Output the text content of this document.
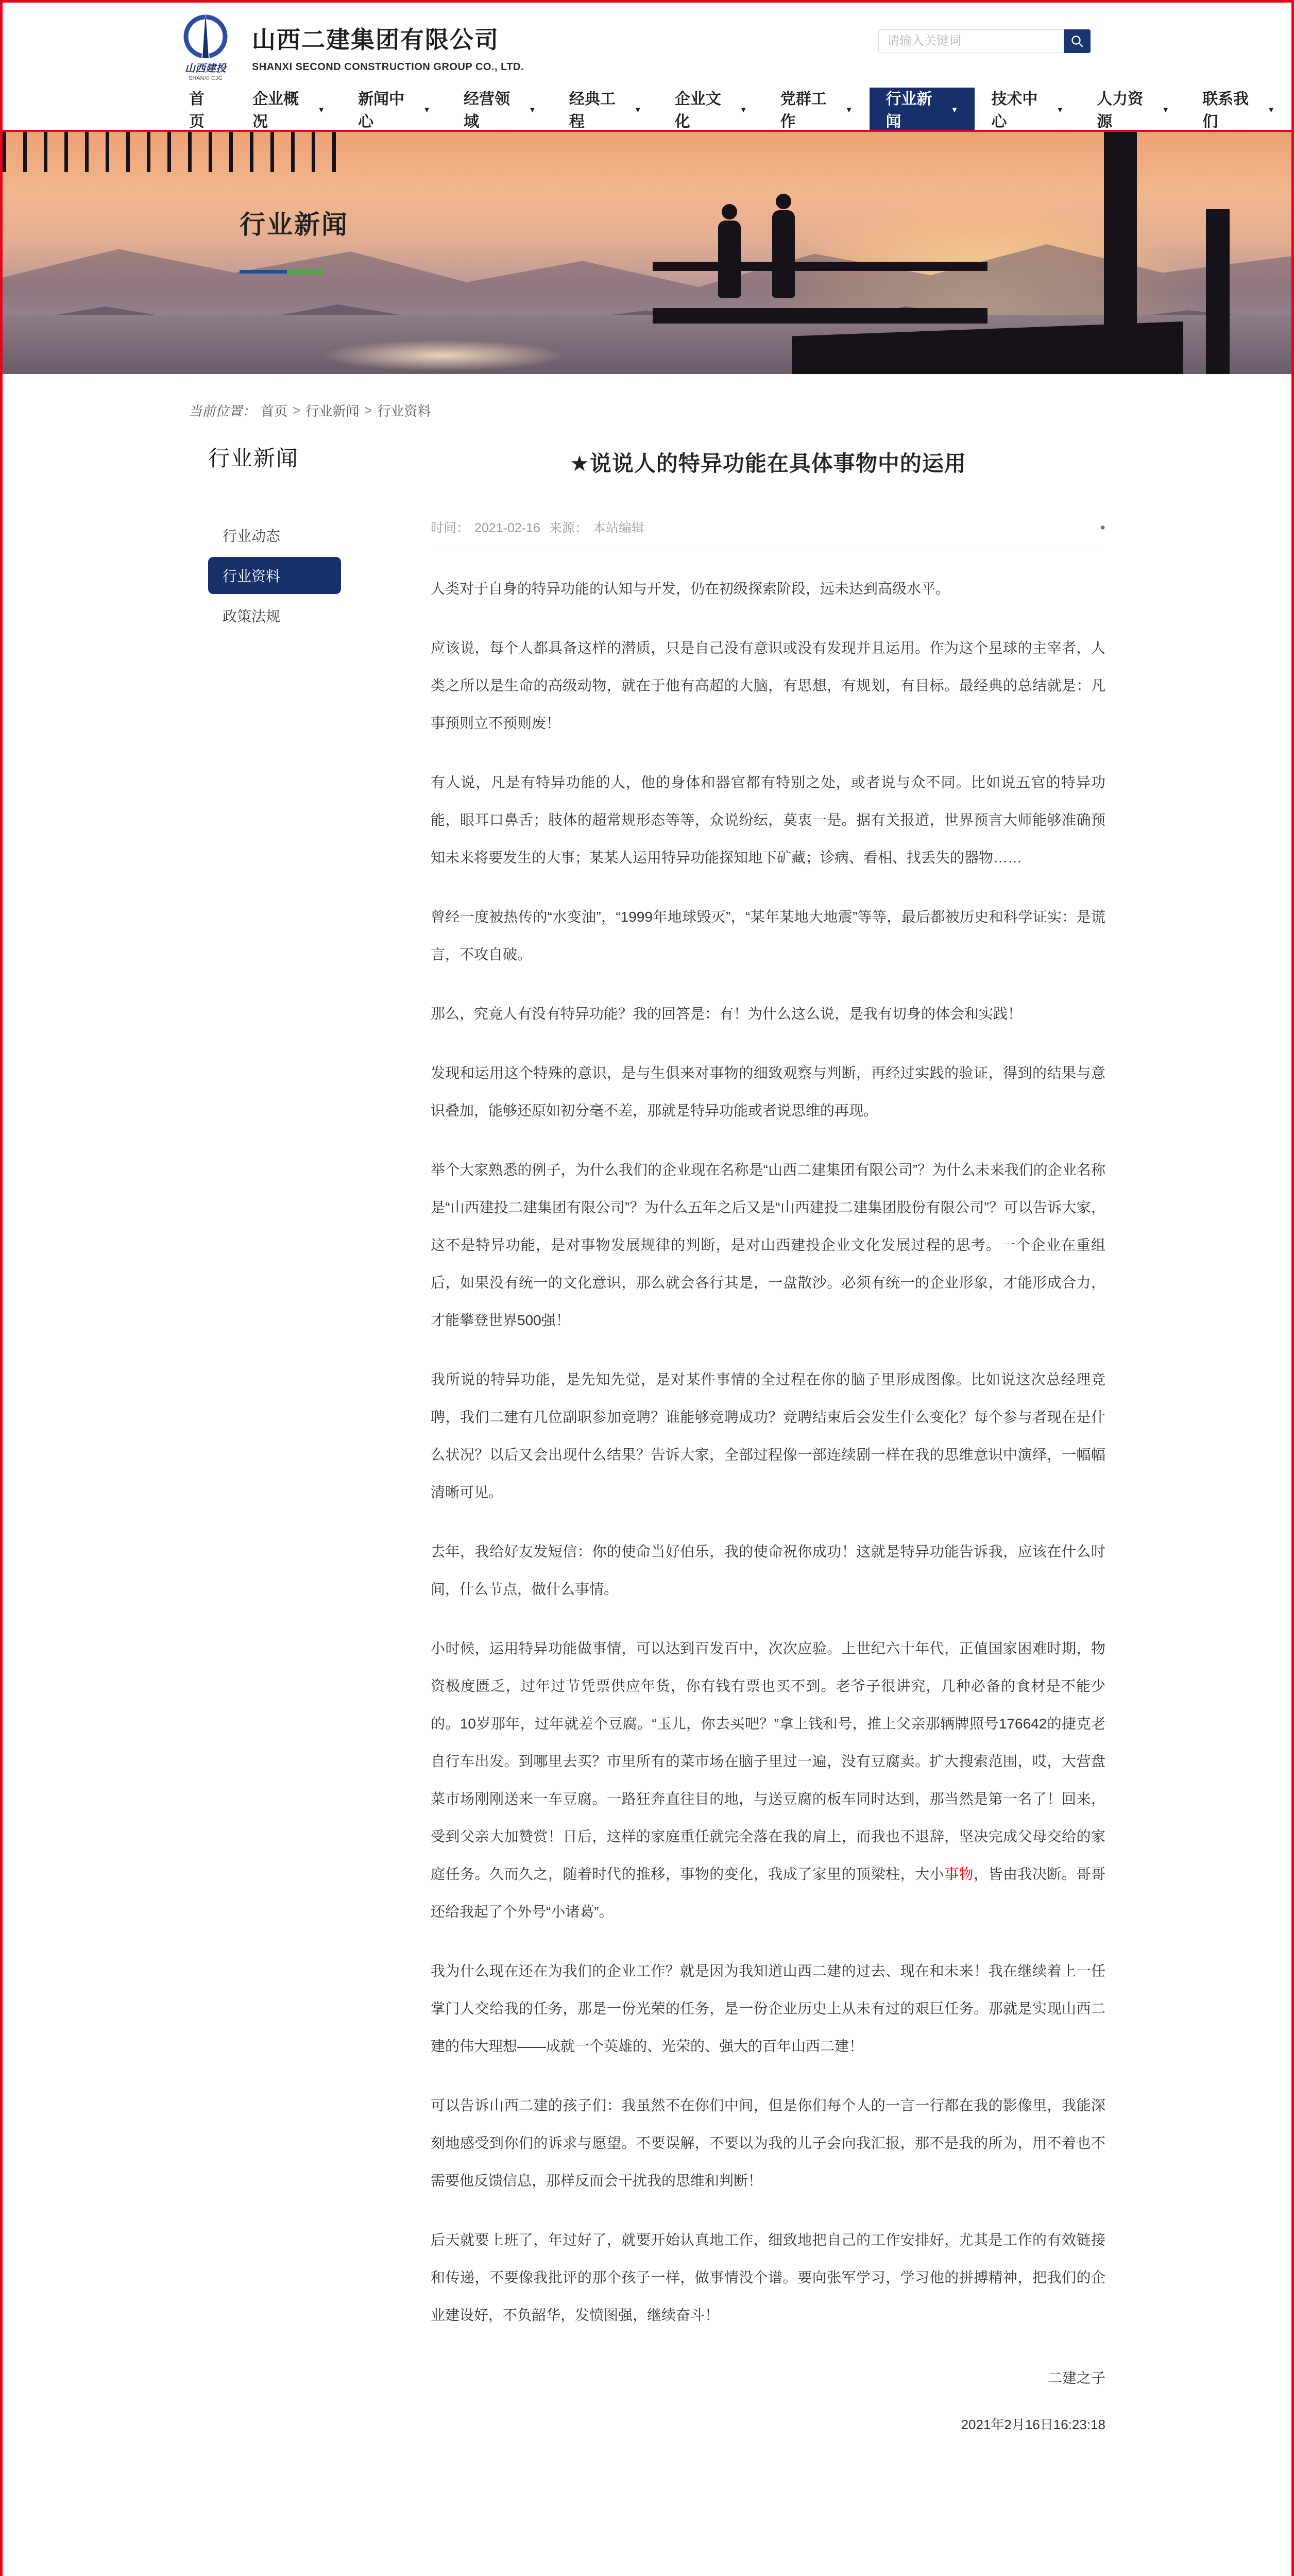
山西建投
SHANXI CJG
山西二建集团有限公司
SHANXI SECOND CONSTRUCTION GROUP CO., LTD.
请输入关键词
首页
企业概况
▼
新闻中心
▼
经营领域
▼
经典工程
▼
企业文化
▼
党群工作
▼
行业新闻
▼
技术中心
▼
人力资源
▼
联系我们
▼
行业新闻
当前位置： 首页 > 行业新闻 > 行业资料
行业新闻
行业动态
行业资料
政策法规
★说说人的特异功能在具体事物中的运用
时间： 2021-02-16 来源： 本站编辑	●

人类对于自身的特异功能的认知与开发，仍在初级探索阶段，远未达到高级水平。

应该说，每个人都具备这样的潜质，只是自己没有意识或没有发现并且运用。作为这个星球的主宰者，人类之所以是生命的高级动物，就在于他有高超的大脑，有思想，有规划，有目标。最经典的总结就是：凡事预则立不预则废！

有人说，凡是有特异功能的人，他的身体和器官都有特别之处，或者说与众不同。比如说五官的特异功能，眼耳口鼻舌；肢体的超常规形态等等，众说纷纭，莫衷一是。据有关报道，世界预言大师能够准确预知未来将要发生的大事；某某人运用特异功能探知地下矿藏；诊病、看相、找丢失的器物……

曾经一度被热传的“水变油”，“1999年地球毁灭”，“某年某地大地震”等等，最后都被历史和科学证实：是谎言，不攻自破。

那么，究竟人有没有特异功能？我的回答是：有！为什么这么说，是我有切身的体会和实践！

发现和运用这个特殊的意识，是与生俱来对事物的细致观察与判断，再经过实践的验证，得到的结果与意识叠加，能够还原如初分毫不差，那就是特异功能或者说思维的再现。

举个大家熟悉的例子，为什么我们的企业现在名称是“山西二建集团有限公司”？为什么未来我们的企业名称是“山西建投二建集团有限公司”？为什么五年之后又是“山西建投二建集团股份有限公司”？可以告诉大家，这不是特异功能，是对事物发展规律的判断，是对山西建投企业文化发展过程的思考。一个企业在重组后，如果没有统一的文化意识，那么就会各行其是，一盘散沙。必须有统一的企业形象，才能形成合力，才能攀登世界500强！

我所说的特异功能，是先知先觉，是对某件事情的全过程在你的脑子里形成图像。比如说这次总经理竞聘，我们二建有几位副职参加竞聘？谁能够竞聘成功？竞聘结束后会发生什么变化？每个参与者现在是什么状况？以后又会出现什么结果？告诉大家，全部过程像一部连续剧一样在我的思维意识中演绎，一幅幅清晰可见。

去年，我给好友发短信：你的使命当好伯乐，我的使命祝你成功！这就是特异功能告诉我，应该在什么时间，什么节点，做什么事情。

小时候，运用特异功能做事情，可以达到百发百中，次次应验。上世纪六十年代，正值国家困难时期，物资极度匮乏，过年过节凭票供应年货，你有钱有票也买不到。老爷子很讲究，几种必备的食材是不能少的。10岁那年，过年就差个豆腐。“玉儿，你去买吧？”拿上钱和号，推上父亲那辆牌照号176642的捷克老自行车出发。到哪里去买？市里所有的菜市场在脑子里过一遍，没有豆腐卖。扩大搜索范围，哎，大营盘菜市场刚刚送来一车豆腐。一路狂奔直往目的地，与送豆腐的板车同时达到，那当然是第一名了！回来，受到父亲大加赞赏！日后，这样的家庭重任就完全落在我的肩上，而我也不退辞，坚决完成父母交给的家庭任务。久而久之，随着时代的推移，事物的变化，我成了家里的顶梁柱，大小事物，皆由我决断。哥哥还给我起了个外号“小诸葛”。

我为什么现在还在为我们的企业工作？就是因为我知道山西二建的过去、现在和未来！我在继续着上一任掌门人交给我的任务，那是一份光荣的任务，是一份企业历史上从未有过的艰巨任务。那就是实现山西二建的伟大理想——成就一个英雄的、光荣的、强大的百年山西二建！

可以告诉山西二建的孩子们：我虽然不在你们中间，但是你们每个人的一言一行都在我的影像里，我能深刻地感受到你们的诉求与愿望。不要误解，不要以为我的儿子会向我汇报，那不是我的所为，用不着也不需要他反馈信息，那样反而会干扰我的思维和判断！

后天就要上班了，年过好了，就要开始认真地工作，细致地把自己的工作安排好，尤其是工作的有效链接和传递，不要像我批评的那个孩子一样，做事情没个谱。要向张军学习，学习他的拼搏精神，把我们的企业建设好，不负韶华，发愤图强，继续奋斗！

二建之子
2021年2月16日16:23:18
